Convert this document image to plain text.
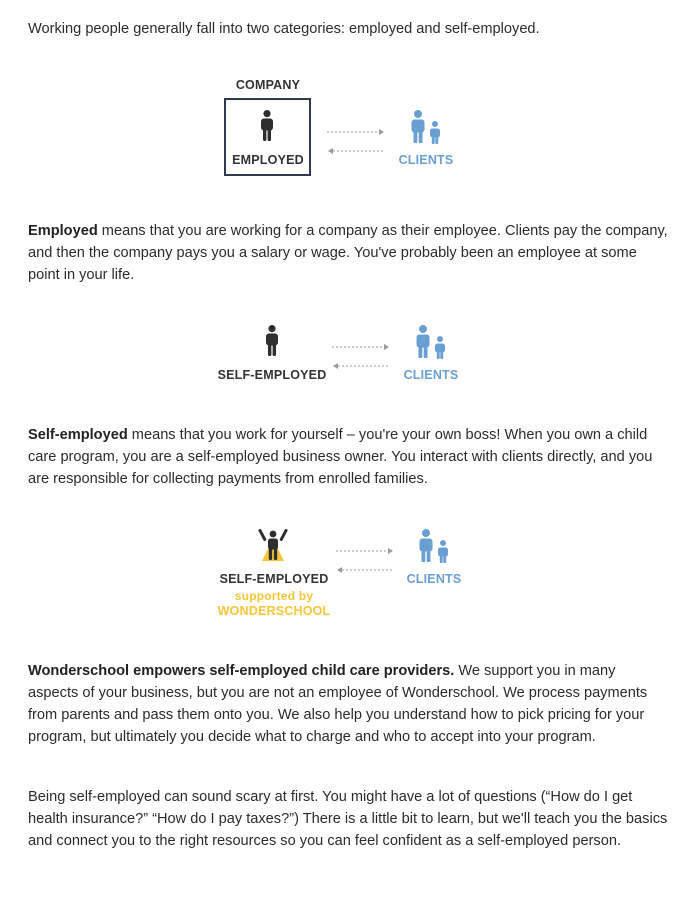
Working people generally fall into two categories: employed and self-employed.

COMPANY
EMPLOYED	CLIENTS

Employed means that you are working for a company as their employee. Clients pay the company, and then the company pays you a salary or wage. You've probably been an employee at some point in your life.

SELF-EMPLOYED	CLIENTS

Self-employed means that you work for yourself – you're your own boss! When you own a child care program, you are a self-employed business owner. You interact with clients directly, and you are responsible for collecting payments from enrolled families.

SELF-EMPLOYED
supported by
WONDERSCHOOL
CLIENTS

Wonderschool empowers self-employed child care providers. We support you in many aspects of your business, but you are not an employee of Wonderschool. We process payments from parents and pass them onto you. We also help you understand how to pick pricing for your program, but ultimately you decide what to charge and who to accept into your program.

Being self-employed can sound scary at first. You might have a lot of questions (“How do I get health insurance?” “How do I pay taxes?”) There is a little bit to learn, but we'll teach you the basics and connect you to the right resources so you can feel confident as a self-employed person.
